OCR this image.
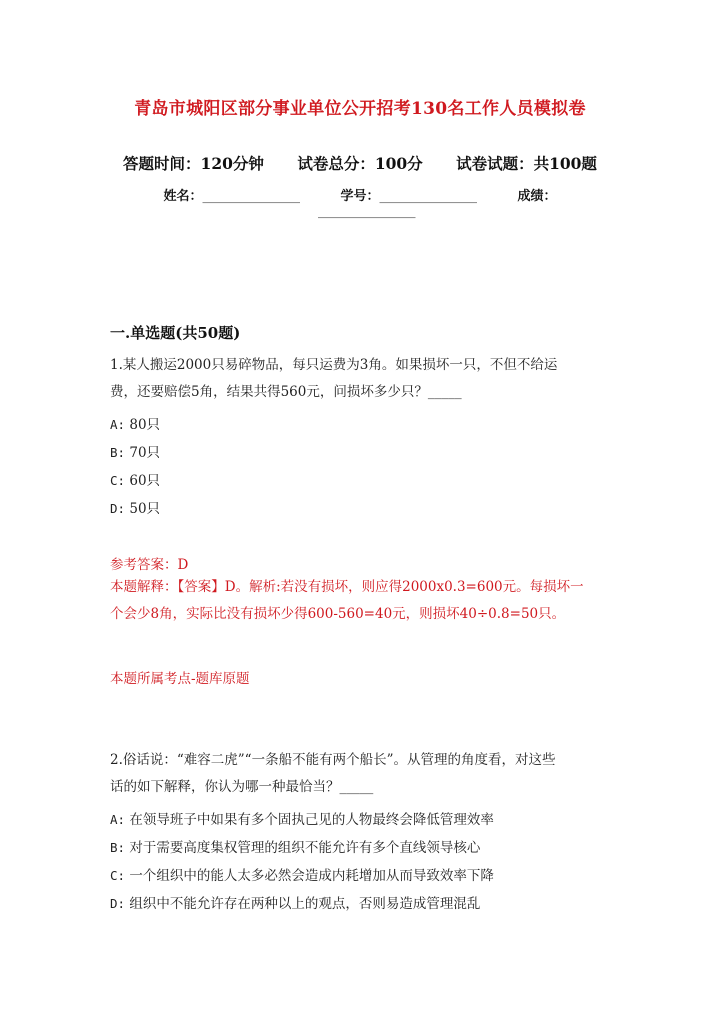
青岛市城阳区部分事业单位公开招考130名工作人员模拟卷
答题时间：120分钟 试卷总分：100分 试卷试题：共100题
姓名：_______________	学号：_______________	成绩：
_______________
一.单选题(共50题)
1.某人搬运2000只易碎物品，每只运费为3角。如果损坏一只，不但不给运
费，还要赔偿5角，结果共得560元，问损坏多少只？_____
A: 80只
B: 70只
C: 60只
D: 50只
参考答案：D
本题解释：【答案】D。解析:若没有损坏，则应得2000x0.3=600元。每损坏一
个会少8角，实际比没有损坏少得600-560=40元，则损坏40÷0.8=50只。
本题所属考点-题库原题
2.俗话说：“难容二虎”“一条船不能有两个船长”。从管理的角度看，对这些
话的如下解释，你认为哪一种最恰当？_____
A: 在领导班子中如果有多个固执己见的人物最终会降低管理效率
B: 对于需要高度集权管理的组织不能允许有多个直线领导核心
C: 一个组织中的能人太多必然会造成内耗增加从而导致效率下降
D: 组织中不能允许存在两种以上的观点，否则易造成管理混乱
